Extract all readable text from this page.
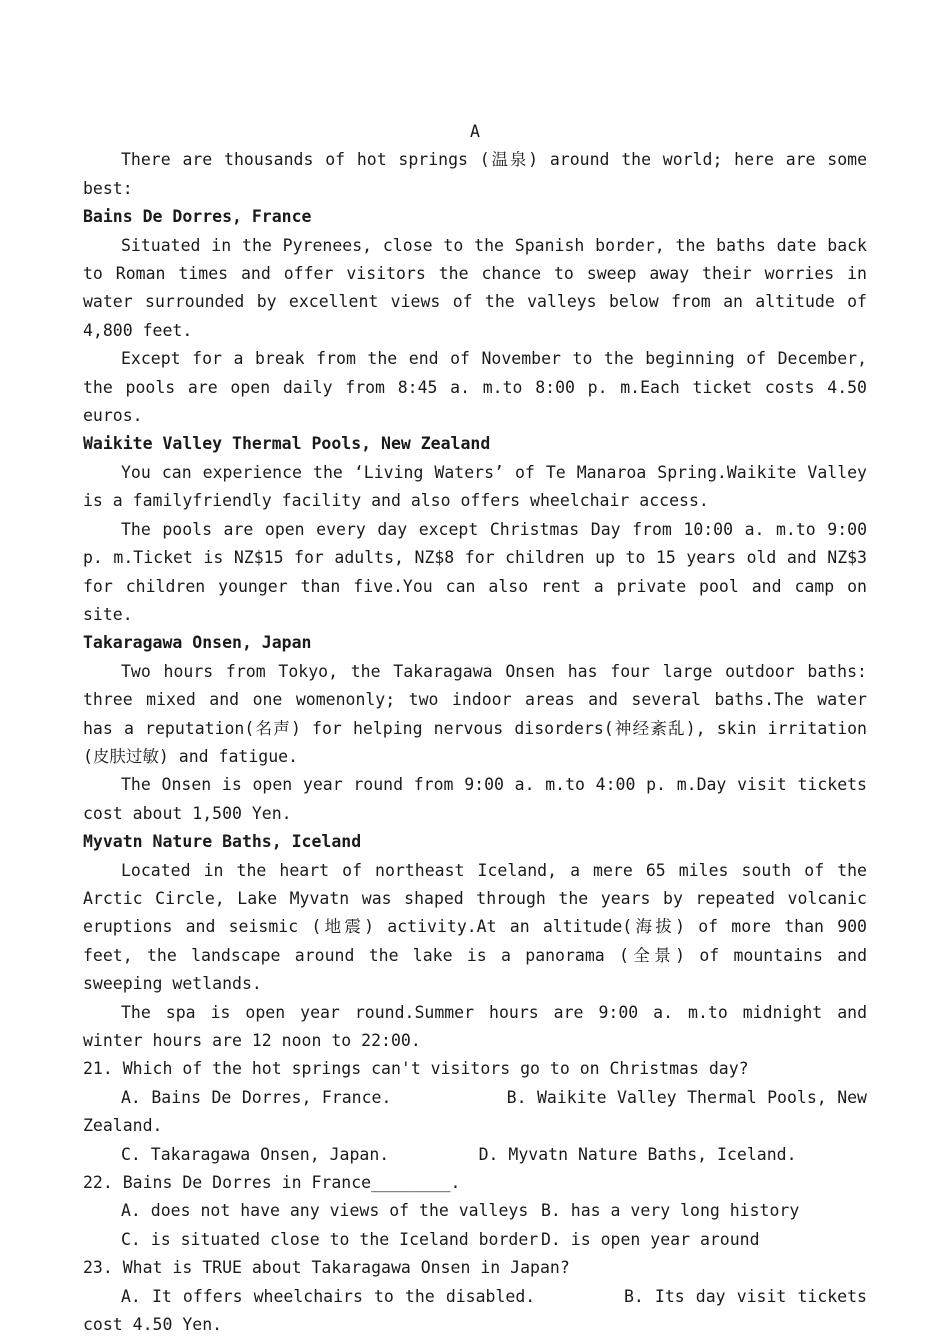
A

There are thousands of hot springs (温泉) around the world; here are some best:

Bains De Dorres, France

Situated in the Pyrenees, close to the Spanish border, the baths date back to Roman times and offer visitors the chance to sweep away their worries in water surrounded by excellent views of the valleys below from an altitude of 4,800 feet.

Except for a break from the end of November to the beginning of December, the pools are open daily from 8:45 a. m.to 8:00 p. m.Each ticket costs 4.50 euros.

Waikite Valley Thermal Pools, New Zealand

You can experience the ‘Living Waters’ of Te Manaroa Spring.Waikite Valley is a familyfriendly facility and also offers wheelchair access.

The pools are open every day except Christmas Day from 10:00 a. m.to 9:00 p. m.Ticket is NZ$15 for adults, NZ$8 for children up to 15 years old and NZ$3 for children younger than five.You can also rent a private pool and camp on site.

Takaragawa Onsen, Japan

Two hours from Tokyo, the Takaragawa Onsen has four large outdoor baths: three mixed and one womenonly; two indoor areas and several baths.The water has a reputation(名声) for helping nervous disorders(神经紊乱), skin irritation (皮肤过敏) and fatigue.

The Onsen is open year round from 9:00 a. m.to 4:00 p. m.Day visit tickets cost about 1,500 Yen.

Myvatn Nature Baths, Iceland

Located in the heart of northeast Iceland, a mere 65 miles south of the Arctic Circle, Lake Myvatn was shaped through the years by repeated volcanic eruptions and seismic (地震) activity.At an altitude(海拔) of more than 900 feet, the landscape around the lake is a panorama (全景) of mountains and sweeping wetlands.

The spa is open year round.Summer hours are 9:00 a. m.to midnight and winter hours are 12 noon to 22:00.

21. Which of the hot springs can't visitors go to on Christmas day?

A. Bains De Dorres, France.	B. Waikite Valley Thermal Pools, New Zealand.

C. Takaragawa Onsen, Japan.	D. Myvatn Nature Baths, Iceland.

22. Bains De Dorres in France________.

A. does not have any views of the valleys B. has a very long history
C. is situated close to the Iceland border D. is open year around

23. What is TRUE about Takaragawa Onsen in Japan?

A. It offers wheelchairs to the disabled.	B. Its day visit tickets cost 4.50 Yen.
